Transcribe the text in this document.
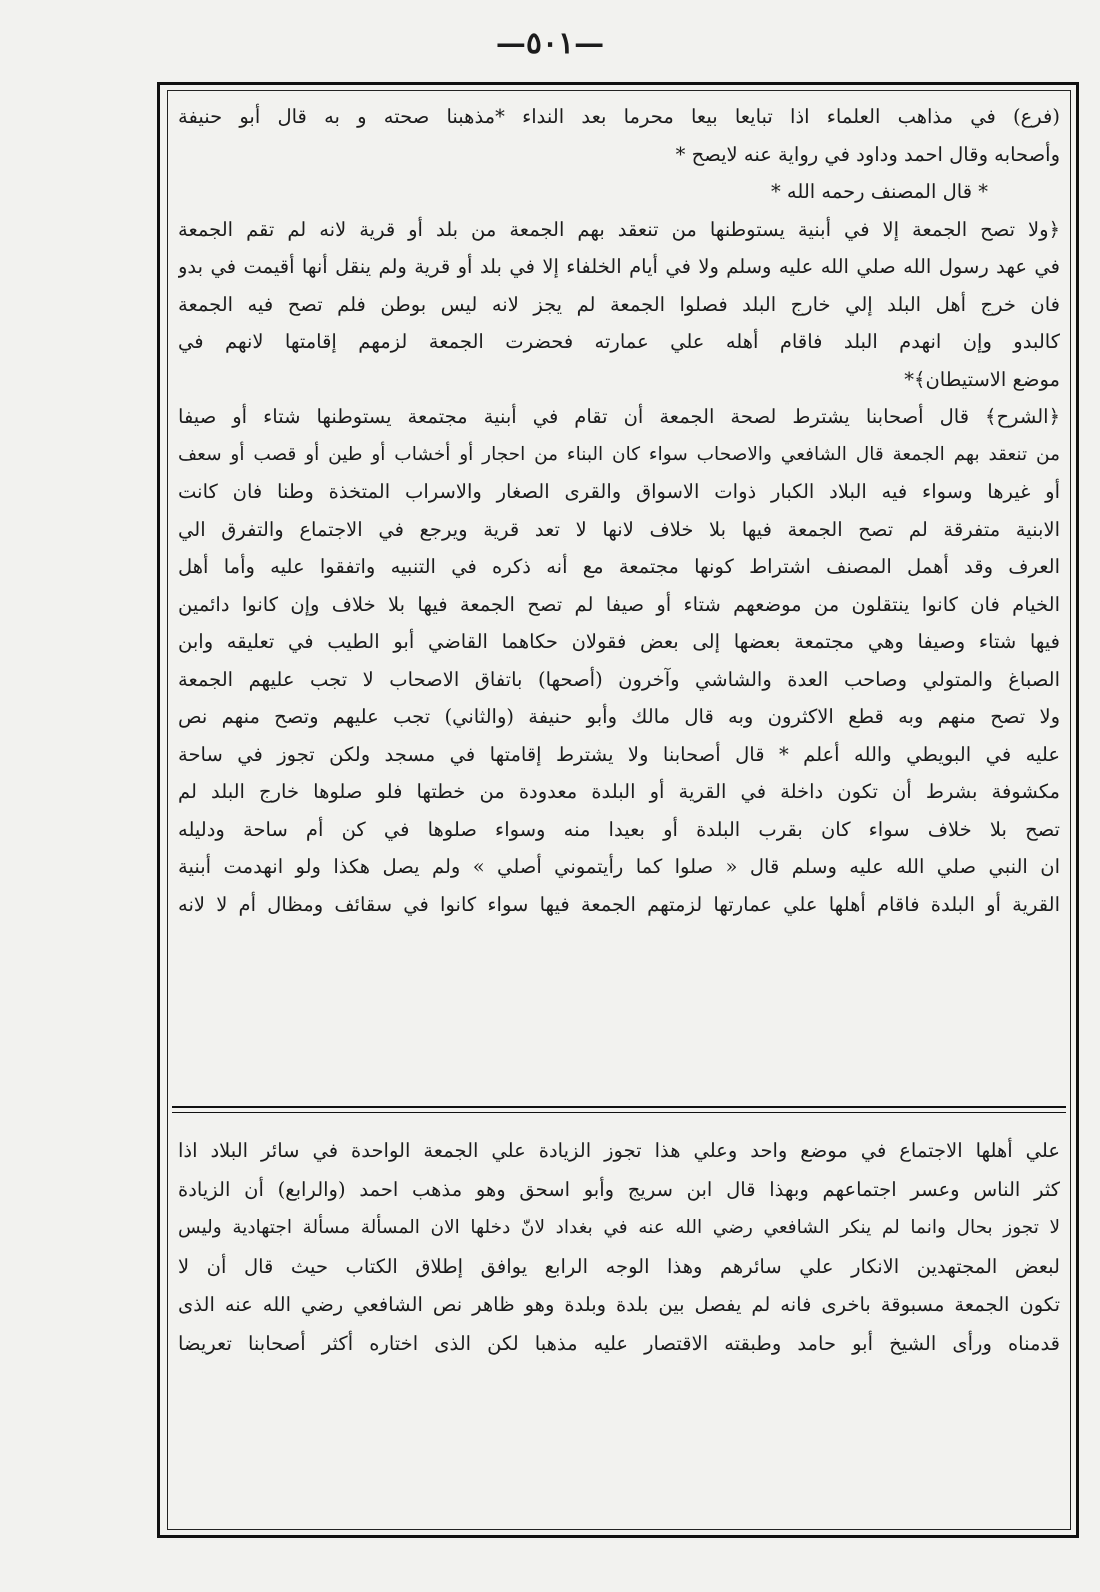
—٥٠١—
(فرع) في مذاهب العلماء اذا تبايعا بيعا محرما بعد النداء *مذهبنا صحته و به قال أبو حنيفة
وأصحابه وقال احمد وداود في رواية عنه لايصح *
* قال المصنف رحمه الله *
﴿ولا تصح الجمعة إلا في أبنية يستوطنها من تنعقد بهم الجمعة من بلد أو قرية لانه لم تقم الجمعة
في عهد رسول الله صلي الله عليه وسلم ولا في أيام الخلفاء إلا في بلد أو قرية ولم ينقل أنها أقيمت في بدو
فان خرج أهل البلد إلي خارج البلد فصلوا الجمعة لم يجز لانه ليس بوطن فلم تصح فيه الجمعة
كالبدو وإن انهدم البلد فاقام أهله علي عمارته فحضرت الجمعة لزمهم إقامتها لانهم في
موضع الاستيطان﴾*
﴿الشرح﴾ قال أصحابنا يشترط لصحة الجمعة أن تقام في أبنية مجتمعة يستوطنها شتاء أو صيفا
من تنعقد بهم الجمعة قال الشافعي والاصحاب سواء كان البناء من احجار أو أخشاب أو طين أو قصب أو سعف
أو غيرها وسواء فيه البلاد الكبار ذوات الاسواق والقرى الصغار والاسراب المتخذة وطنا فان كانت
الابنية متفرقة لم تصح الجمعة فيها بلا خلاف لانها لا تعد قرية ويرجع في الاجتماع والتفرق الي
العرف وقد أهمل المصنف اشتراط كونها مجتمعة مع أنه ذكره في التنبيه واتفقوا عليه وأما أهل
الخيام فان كانوا ينتقلون من موضعهم شتاء أو صيفا لم تصح الجمعة فيها بلا خلاف وإن كانوا دائمين
فيها شتاء وصيفا وهي مجتمعة بعضها إلى بعض فقولان حكاهما القاضي أبو الطيب في تعليقه وابن
الصباغ والمتولي وصاحب العدة والشاشي وآخرون (أصحها) باتفاق الاصحاب لا تجب عليهم الجمعة
ولا تصح منهم وبه قطع الاكثرون وبه قال مالك وأبو حنيفة (والثاني) تجب عليهم وتصح منهم نص
عليه في البويطي والله أعلم * قال أصحابنا ولا يشترط إقامتها في مسجد ولكن تجوز في ساحة
مكشوفة بشرط أن تكون داخلة في القرية أو البلدة معدودة من خطتها فلو صلوها خارج البلد لم
تصح بلا خلاف سواء كان بقرب البلدة أو بعيدا منه وسواء صلوها في كن أم ساحة ودليله
ان النبي صلي الله عليه وسلم قال « صلوا كما رأيتموني أصلي » ولم يصل هكذا ولو انهدمت أبنية
القرية أو البلدة فاقام أهلها علي عمارتها لزمتهم الجمعة فيها سواء كانوا في سقائف ومظال أم لا لانه
علي أهلها الاجتماع في موضع واحد وعلي هذا تجوز الزيادة علي الجمعة الواحدة في سائر البلاد اذا
كثر الناس وعسر اجتماعهم وبهذا قال ابن سريج وأبو اسحق وهو مذهب احمد (والرابع) أن الزيادة
لا تجوز بحال وانما لم ينكر الشافعي رضي الله عنه في بغداد لانّ دخلها الان المسألة مسألة اجتهادية وليس
لبعض المجتهدين الانكار علي سائرهم وهذا الوجه الرابع يوافق إطلاق الكتاب حيث قال أن لا
تكون الجمعة مسبوقة باخرى فانه لم يفصل بين بلدة وبلدة وهو ظاهر نص الشافعي رضي الله عنه الذى
قدمناه ورأى الشيخ أبو حامد وطبقته الاقتصار عليه مذهبا لكن الذى اختاره أكثر أصحابنا تعريضا
